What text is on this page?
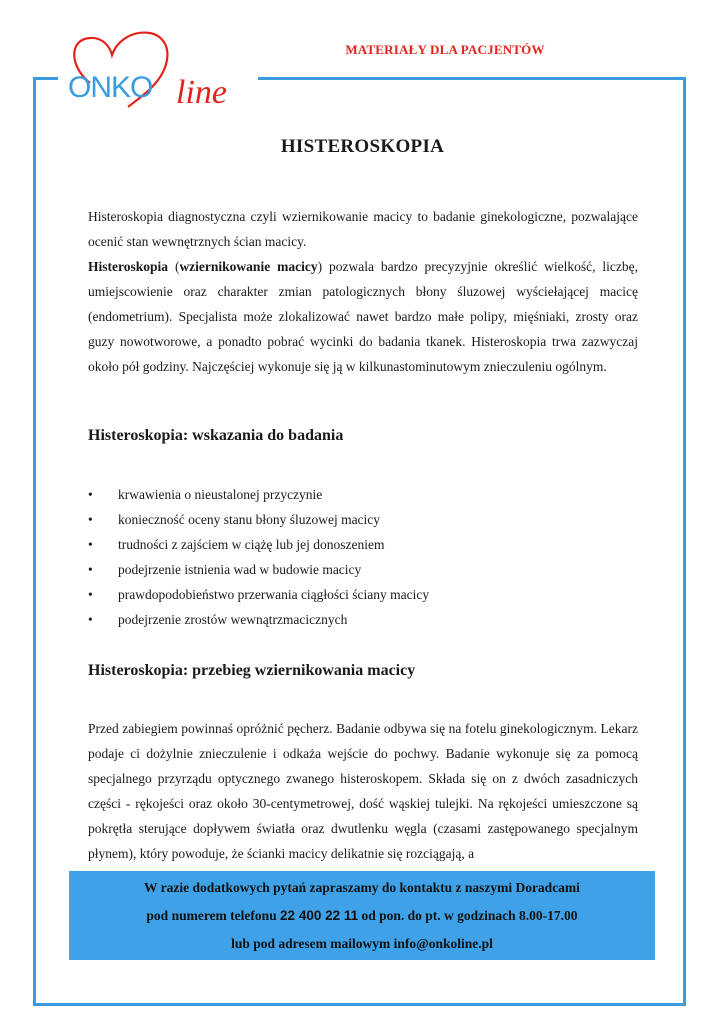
ONKO line
MATERIAŁY DLA PACJENTÓW
HISTEROSKOPIA
Histeroskopia diagnostyczna czyli wziernikowanie macicy to badanie ginekologiczne, pozwalające ocenić stan wewnętrznych ścian macicy.
Histeroskopia (wziernikowanie macicy) pozwala bardzo precyzyjnie określić wielkość, liczbę, umiejscowienie oraz charakter zmian patologicznych błony śluzowej wyściełającej macicę (endometrium). Specjalista może zlokalizować nawet bardzo małe polipy, mięśniaki, zrosty oraz guzy nowotworowe, a ponadto pobrać wycinki do badania tkanek. Histeroskopia trwa zazwyczaj około pół godziny. Najczęściej wykonuje się ją w kilkunastominutowym znieczuleniu ogólnym.
Histeroskopia: wskazania do badania
• krwawienia o nieustalonej przyczynie
• konieczność oceny stanu błony śluzowej macicy
• trudności z zajściem w ciążę lub jej donoszeniem
• podejrzenie istnienia wad w budowie macicy
• prawdopodobieństwo przerwania ciągłości ściany macicy
• podejrzenie zrostów wewnątrzmacicznych
Histeroskopia: przebieg wziernikowania macicy
Przed zabiegiem powinnaś opróżnić pęcherz. Badanie odbywa się na fotelu ginekologicznym. Lekarz podaje ci dożylnie znieczulenie i odkaża wejście do pochwy. Badanie wykonuje się za pomocą specjalnego przyrządu optycznego zwanego histeroskopem. Składa się on z dwóch zasadniczych części - rękojeści oraz około 30-centymetrowej, dość wąskiej tulejki. Na rękojeści umieszczone są pokrętła sterujące dopływem światła oraz dwutlenku węgla (czasami zastępowanego specjalnym płynem), który powoduje, że ścianki macicy delikatnie się rozciągają, a
W razie dodatkowych pytań zapraszamy do kontaktu z naszymi Doradcami
pod numerem telefonu 22 400 22 11 od pon. do pt. w godzinach 8.00-17.00
lub pod adresem mailowym info@onkoline.pl
